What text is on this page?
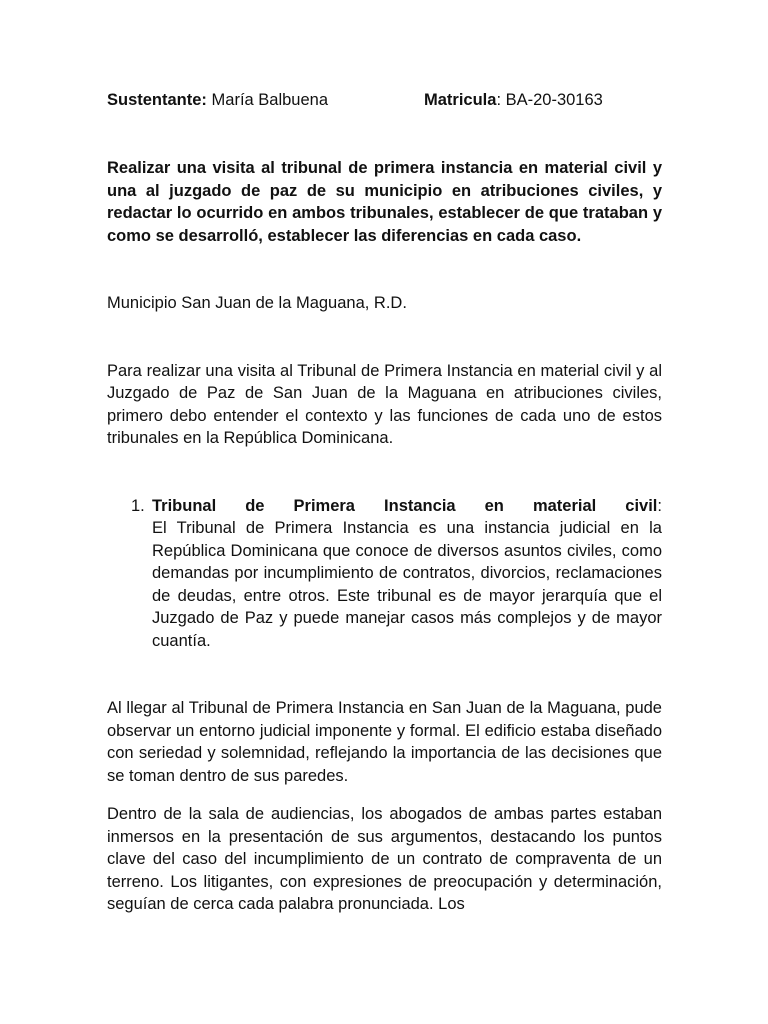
Sustentante: María Balbuena	Matricula: BA-20-30163
Realizar una visita al tribunal de primera instancia en material civil y una al juzgado de paz de su municipio en atribuciones civiles, y redactar lo ocurrido en ambos tribunales, establecer de que trataban y como se desarrolló, establecer las diferencias en cada caso.
Municipio San Juan de la Maguana, R.D.
Para realizar una visita al Tribunal de Primera Instancia en material civil y al Juzgado de Paz de San Juan de la Maguana en atribuciones civiles, primero debo entender el contexto y las funciones de cada uno de estos tribunales en la República Dominicana.
1. Tribunal de Primera Instancia en material civil:
El Tribunal de Primera Instancia es una instancia judicial en la República Dominicana que conoce de diversos asuntos civiles, como demandas por incumplimiento de contratos, divorcios, reclamaciones de deudas, entre otros. Este tribunal es de mayor jerarquía que el Juzgado de Paz y puede manejar casos más complejos y de mayor cuantía.
Al llegar al Tribunal de Primera Instancia en San Juan de la Maguana, pude observar un entorno judicial imponente y formal. El edificio estaba diseñado con seriedad y solemnidad, reflejando la importancia de las decisiones que se toman dentro de sus paredes.
Dentro de la sala de audiencias, los abogados de ambas partes estaban inmersos en la presentación de sus argumentos, destacando los puntos clave del caso del incumplimiento de un contrato de compraventa de un terreno. Los litigantes, con expresiones de preocupación y determinación, seguían de cerca cada palabra pronunciada. Los
